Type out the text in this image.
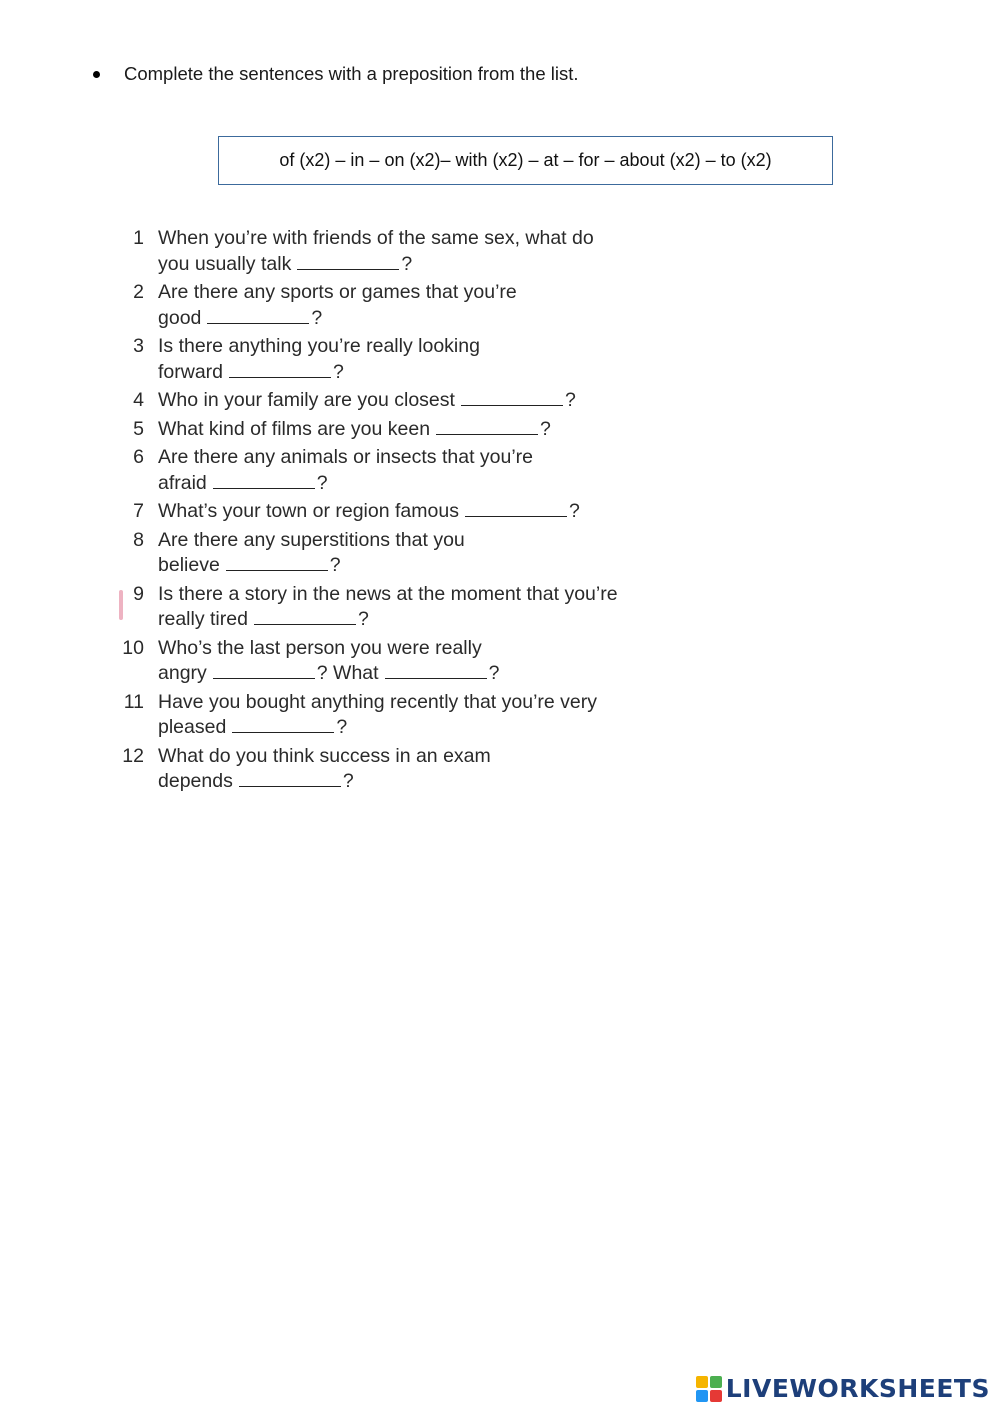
Complete the sentences with a preposition from the list.
of (x2) – in – on (x2)– with (x2) – at – for – about (x2) – to (x2)
1 When you’re with friends of the same sex, what do
you usually talk	?
2 Are there any sports or games that you’re
good	?
3 Is there anything you’re really looking
forward	?
4 Who in your family are you closest	?
5 What kind of films are you keen	?
6 Are there any animals or insects that you’re
afraid	?
7 What’s your town or region famous	?
8 Are there any superstitions that you
believe	?
9 Is there a story in the news at the moment that you’re
really tired	?
10 Who’s the last person you were really
angry	? What	?
11 Have you bought anything recently that you’re very
pleased	?
12 What do you think success in an exam
depends	?
LIVEWORKSHEETS
